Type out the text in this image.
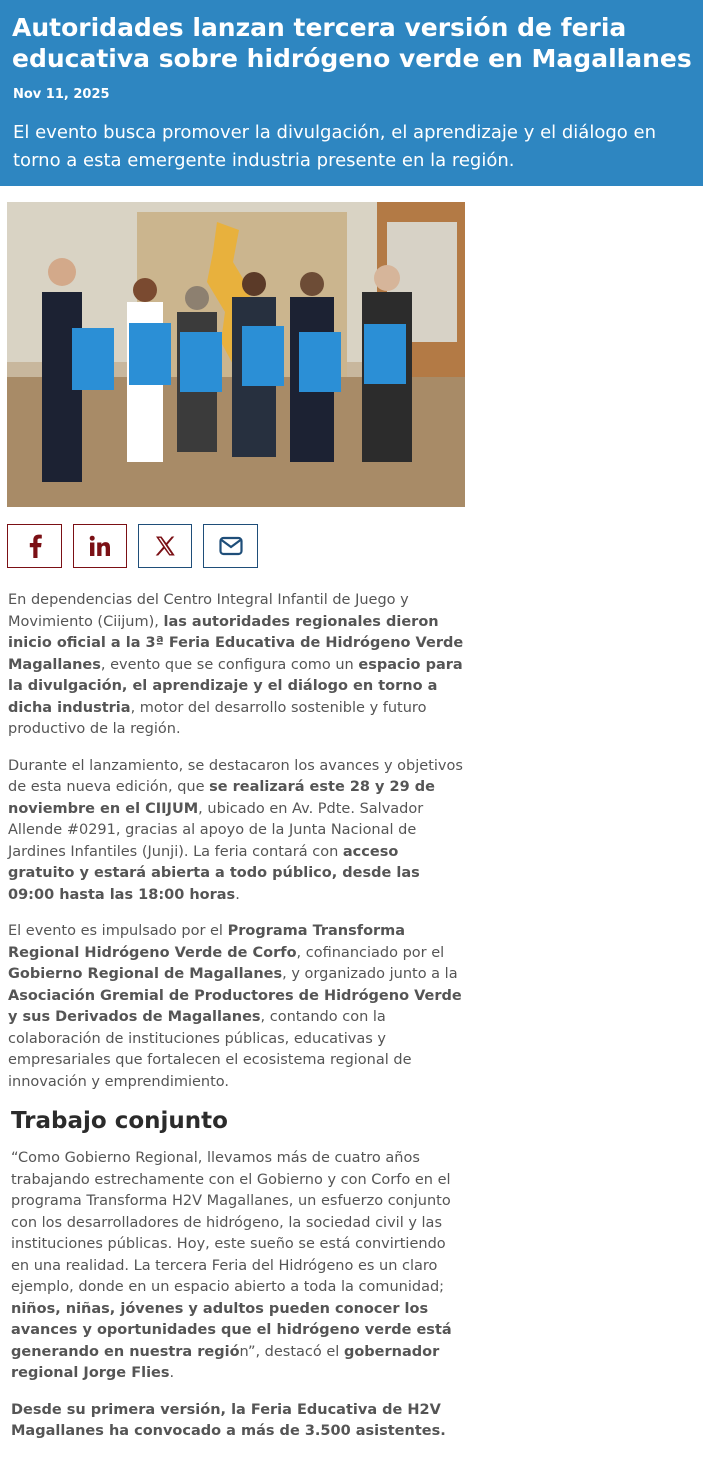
Autoridades lanzan tercera versión de feria educativa sobre hidrógeno verde en Magallanes
Nov 11, 2025

El evento busca promover la divulgación, el aprendizaje y el diálogo en torno a esta emergente industria presente en la región.

En dependencias del Centro Integral Infantil de Juego y Movimiento (Ciijum), las autoridades regionales dieron inicio oficial a la 3ª Feria Educativa de Hidrógeno Verde Magallanes, evento que se configura como un espacio para la divulgación, el aprendizaje y el diálogo en torno a dicha industria, motor del desarrollo sostenible y futuro productivo de la región.

Durante el lanzamiento, se destacaron los avances y objetivos de esta nueva edición, que se realizará este 28 y 29 de noviembre en el CIIJUM, ubicado en Av. Pdte. Salvador Allende #0291, gracias al apoyo de la Junta Nacional de Jardines Infantiles (Junji). La feria contará con acceso gratuito y estará abierta a todo público, desde las 09:00 hasta las 18:00 horas.

El evento es impulsado por el Programa Transforma Regional Hidrógeno Verde de Corfo, cofinanciado por el Gobierno Regional de Magallanes, y organizado junto a la Asociación Gremial de Productores de Hidrógeno Verde y sus Derivados de Magallanes, contando con la colaboración de instituciones públicas, educativas y empresariales que fortalecen el ecosistema regional de innovación y emprendimiento.

Trabajo conjunto

“Como Gobierno Regional, llevamos más de cuatro años trabajando estrechamente con el Gobierno y con Corfo en el programa Transforma H2V Magallanes, un esfuerzo conjunto con los desarrolladores de hidrógeno, la sociedad civil y las instituciones públicas. Hoy, este sueño se está convirtiendo en una realidad. La tercera Feria del Hidrógeno es un claro ejemplo, donde en un espacio abierto a toda la comunidad; niños, niñas, jóvenes y adultos pueden conocer los avances y oportunidades que el hidrógeno verde está generando en nuestra región”, destacó el gobernador regional Jorge Flies.

Desde su primera versión, la Feria Educativa de H2V Magallanes ha convocado a más de 3.500 asistentes.
